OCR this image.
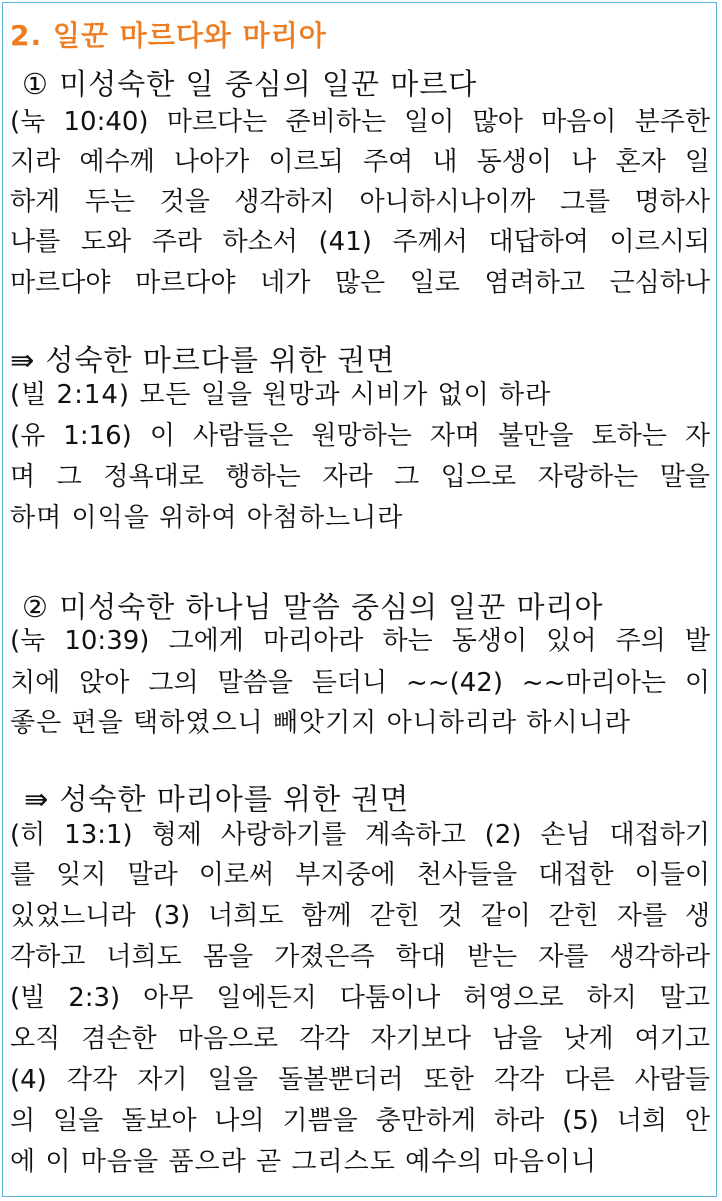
2. 일꾼 마르다와 마리아
① 미성숙한 일 중심의 일꾼 마르다
(눅 10:40) 마르다는 준비하는 일이 많아 마음이 분주한
지라 예수께 나아가 이르되 주여 내 동생이 나 혼자 일
하게 두는 것을 생각하지 아니하시나이까 그를 명하사
나를 도와 주라 하소서 (41) 주께서 대답하여 이르시되
마르다야 마르다야 네가 많은 일로 염려하고 근심하나
⇛ 성숙한 마르다를 위한 권면
(빌 2:14) 모든 일을 원망과 시비가 없이 하라
(유 1:16) 이 사람들은 원망하는 자며 불만을 토하는 자
며 그 정욕대로 행하는 자라 그 입으로 자랑하는 말을
하며 이익을 위하여 아첨하느니라
② 미성숙한 하나님 말씀 중심의 일꾼 마리아
(눅 10:39) 그에게 마리아라 하는 동생이 있어 주의 발
치에 앉아 그의 말씀을 듣더니 ~~(42) ~~마리아는 이
좋은 편을 택하였으니 빼앗기지 아니하리라 하시니라
⇛ 성숙한 마리아를 위한 권면
(히 13:1) 형제 사랑하기를 계속하고 (2) 손님 대접하기
를 잊지 말라 이로써 부지중에 천사들을 대접한 이들이
있었느니라 (3) 너희도 함께 갇힌 것 같이 갇힌 자를 생
각하고 너희도 몸을 가졌은즉 학대 받는 자를 생각하라
(빌 2:3) 아무 일에든지 다툼이나 허영으로 하지 말고
오직 겸손한 마음으로 각각 자기보다 남을 낫게 여기고
(4) 각각 자기 일을 돌볼뿐더러 또한 각각 다른 사람들
의 일을 돌보아 나의 기쁨을 충만하게 하라 (5) 너희 안
에 이 마음을 품으라 곧 그리스도 예수의 마음이니
